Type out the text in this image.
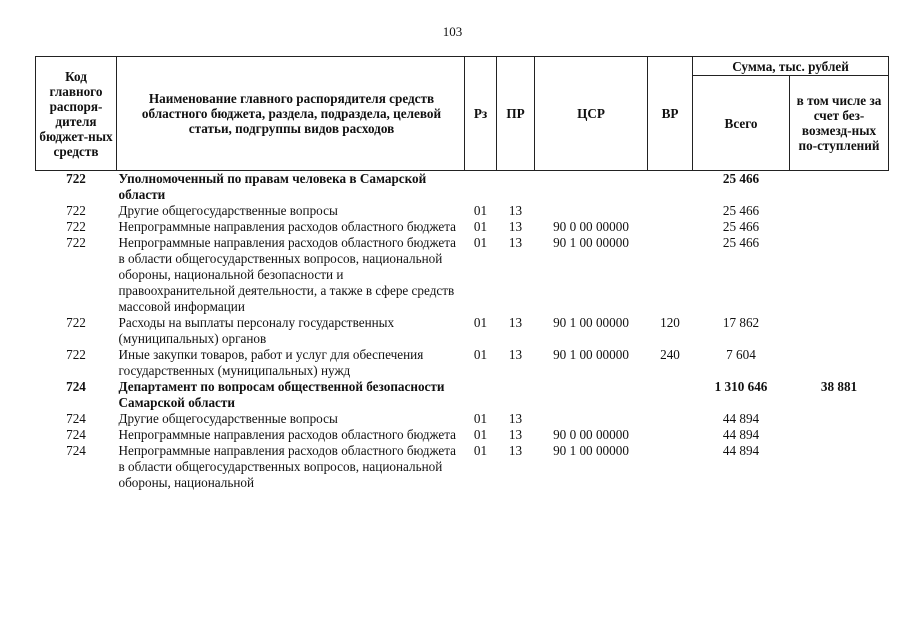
103
Код главного распоря-дителя бюджет-ных средств	Наименование главного распорядителя средств областного бюджета, раздела, подраздела, целевой статьи, подгруппы видов расходов	Рз	ПР	ЦСР	ВР	Сумма, тыс. рублей	
						Всего	в том числе за счет без-возмезд-ных по-ступлений
722	Уполномоченный по правам человека в Самарской области					25 466	
722	Другие общегосударственные вопросы	01	13			25 466	
722	Непрограммные направления расходов областного бюджета	01	13	90 0 00 00000		25 466	
722	Непрограммные направления расходов областного бюджета в области общегосударственных вопросов, национальной обороны, национальной безопасности и правоохранительной деятельности, а также в сфере средств массовой информации	01	13	90 1 00 00000		25 466	
722	Расходы на выплаты персоналу государственных (муниципальных) органов	01	13	90 1 00 00000	120	17 862	
722	Иные закупки товаров, работ и услуг для обеспечения государственных (муниципальных) нужд	01	13	90 1 00 00000	240	7 604	
724	Департамент по вопросам общественной безопасности Самарской области					1 310 646	38 881
724	Другие общегосударственные вопросы	01	13			44 894	
724	Непрограммные направления расходов областного бюджета	01	13	90 0 00 00000		44 894	
724	Непрограммные направления расходов областного бюджета в области общегосударственных вопросов, национальной обороны, национальной	01	13	90 1 00 00000		44 894	
